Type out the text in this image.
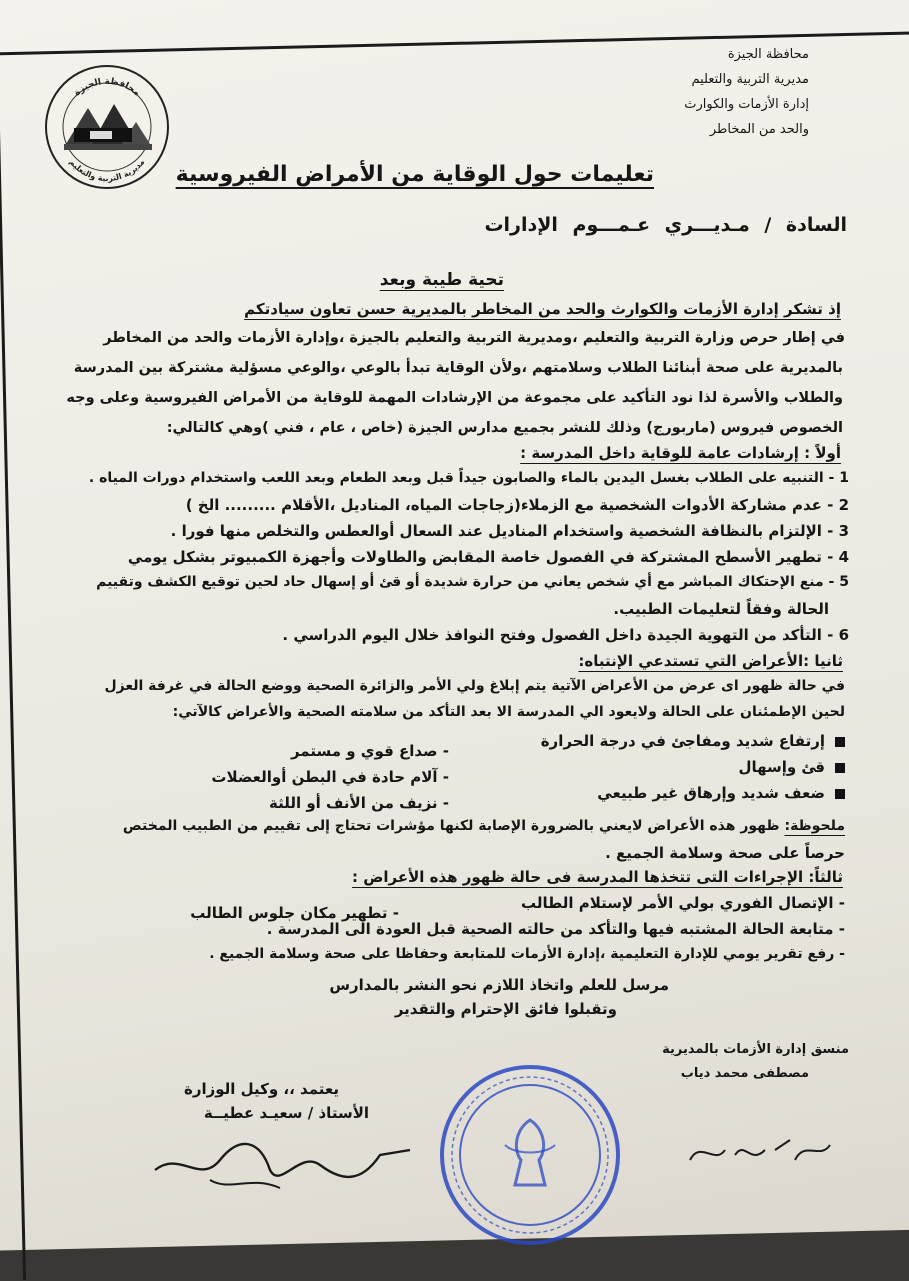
محافظة الجيزة
مديرية التربية والتعليم
إدارة الأزمات والكوارث
والحد من المخاطر
محافظة الجيزة
مديرية التربية والتعليم تعليمات حول الوقاية من الأمراض الفيروسية
السادة / مـديـــري عـمـــوم الإدارات
تحية طيبة وبعد
إذ تشكر إدارة الأزمات والكوارث والحد من المخاطر بالمديرية حسن تعاون سيادتكم
في إطار حرص وزارة التربية والتعليم ،ومديرية التربية والتعليم بالجيزة ،وإدارة الأزمات والحد من المخاطر
بالمديرية على صحة أبنائنا الطلاب وسلامتهم ،ولأن الوقاية تبدأ بالوعي ،والوعي مسؤلية مشتركة بين المدرسة
والطلاب والأسرة لذا نود التأكيد على مجموعة من الإرشادات المهمة للوقاية من الأمراض الفيروسية وعلى وجه
الخصوص فيروس (ماربورج) وذلك للنشر بجميع مدارس الجيزة (خاص ، عام ، فني )وهي كالتالي:
أولاً : إرشادات عامة للوقاية داخل المدرسة :
1 - التنبيه على الطلاب بغسل اليدين بالماء والصابون جيداً قبل وبعد الطعام وبعد اللعب واستخدام دورات المياه .
2 - عدم مشاركة الأدوات الشخصية مع الزملاء(زجاجات المياه، المناديل ،الأقلام ......... الخ )
3 - الإلتزام بالنظافة الشخصية واستخدام المناديل عند السعال أوالعطس والتخلص منها فورا .
4 - تطهير الأسطح المشتركة في الفصول خاصة المقابض والطاولات وأجهزة الكمبيوتر بشكل يومي
5 - منع الإحتكاك المباشر مع أي شخص يعاني من حرارة شديدة أو قئ أو إسهال حاد لحين توقيع الكشف وتقييم
الحالة وفقاً لتعليمات الطبيب.
6 - التأكد من التهوية الجيدة داخل الفصول وفتح النوافذ خلال اليوم الدراسي .
ثانيا :الأعراض التي تستدعي الإنتباه:
في حالة ظهور اى عرض من الأعراض الآتية يتم إبلاغ ولي الأمر والزائرة الصحية ووضع الحالة في غرفة العزل
لحين الإطمئنان على الحالة ولايعود الي المدرسة الا بعد التأكد من سلامته الصحية والأعراض كالآتي:
إرتفاع شديد ومفاجئ في درجة الحرارة
قئ وإسهال
ضعف شديد وإرهاق غير طبيعي
- صداع قوي و مستمر
- آلام حادة في البطن أوالعضلات
- نزيف من الأنف أو اللثة
ملحوظة: ظهور هذه الأعراض لايعني بالضرورة الإصابة لكنها مؤشرات تحتاج إلى تقييم من الطبيب المختص
حرصاً على صحة وسلامة الجميع .
ثالثاً: الإجراءات التى تتخذها المدرسة فى حالة ظهور هذه الأعراض :
- الإتصال الفوري بولي الأمر لإستلام الطالب
- تطهير مكان جلوس الطالب
- متابعة الحالة المشتبه فيها والتأكد من حالته الصحية قبل العودة الى المدرسة .
- رفع تقرير يومي للإدارة التعليمية ،إدارة الأزمات للمتابعة وحفاظا على صحة وسلامة الجميع .
مرسل للعلم واتخاذ اللازم نحو النشر بالمدارس
وتقبلوا فائق الإحترام والتقدير
منسق إدارة الأزمات بالمديرية
مصطفى محمد دياب
يعتمد ،، وكيل الوزارة
الأستاذ / سعيـد عطيــة
